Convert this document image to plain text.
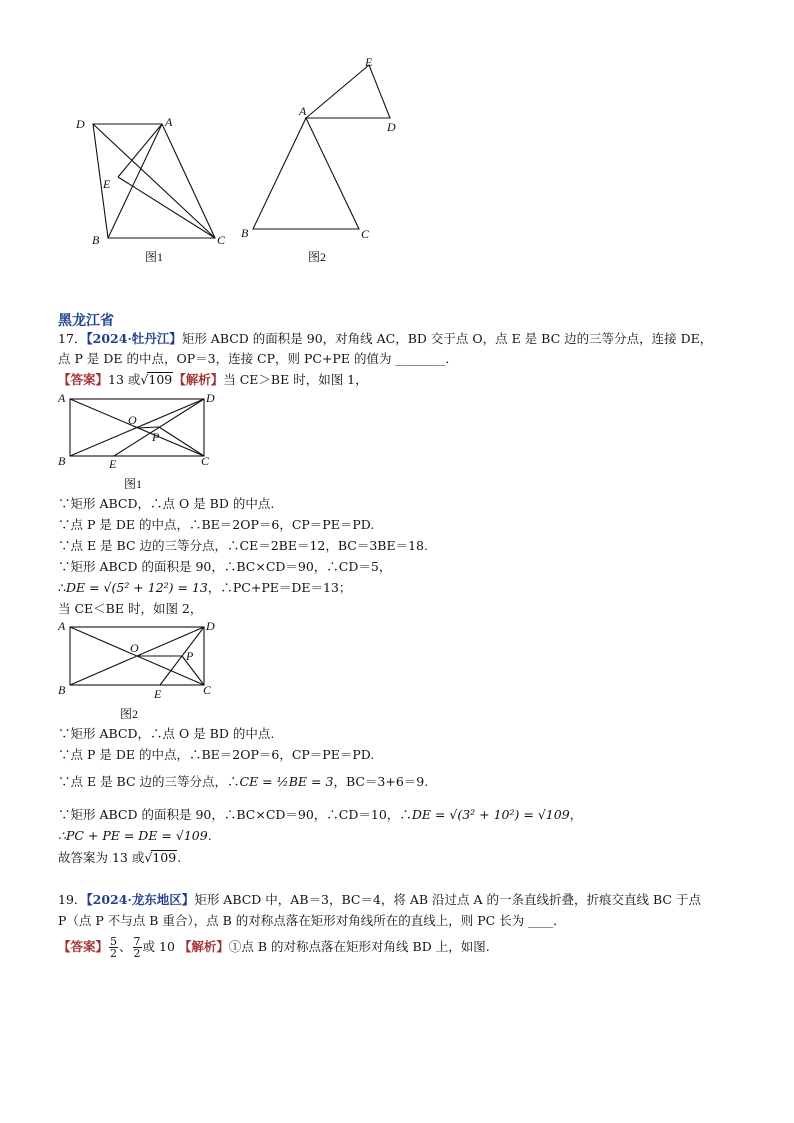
D	A
E
B	C
图1
E
A
D
B	C
图2
黑龙江省
17．【2024·牡丹江】矩形 ABCD 的面积是 90，对角线 AC，BD 交于点 O，点 E 是 BC 边的三等分点，连接 DE，
点 P 是 DE 的中点，OP＝3，连接 CP，则 PC+PE 的值为 ________．
【答案】13 或√109【解析】当 CE＞BE 时，如图 1，
A	D
O
P
B	E	C
图1
∵矩形 ABCD，∴点 O 是 BD 的中点.
∵点 P 是 DE 的中点，∴BE＝2OP＝6，CP＝PE＝PD.
∵点 E 是 BC 边的三等分点，∴CE＝2BE＝12，BC＝3BE＝18.
∵矩形 ABCD 的面积是 90，∴BC×CD＝90，∴CD＝5，
∴DE = √(5² + 12²) = 13，∴PC+PE＝DE＝13；
当 CE＜BE 时，如图 2，
A	D
O
P
B	E	C
图2
∵矩形 ABCD，∴点 O 是 BD 的中点.
∵点 P 是 DE 的中点，∴BE＝2OP＝6，CP＝PE＝PD.
∵点 E 是 BC 边的三等分点，∴CE = ½BE = 3，BC＝3+6＝9.
∵矩形 ABCD 的面积是 90，∴BC×CD＝90，∴CD＝10，∴DE = √(3² + 10²) = √109，
∴PC + PE = DE = √109.
故答案为 13 或√109.
19．【2024·龙东地区】矩形 ABCD 中，AB＝3，BC＝4，将 AB 沿过点 A 的一条直线折叠，折痕交直线 BC 于点
P（点 P 不与点 B 重合），点 B 的对称点落在矩形对角线所在的直线上，则 PC 长为 ____．
【答案】 $\frac{5}{2}$ 、 $\frac{7}{2}$ 或 10 【解析】①点 B 的对称点落在矩形对角线 BD 上，如图.
